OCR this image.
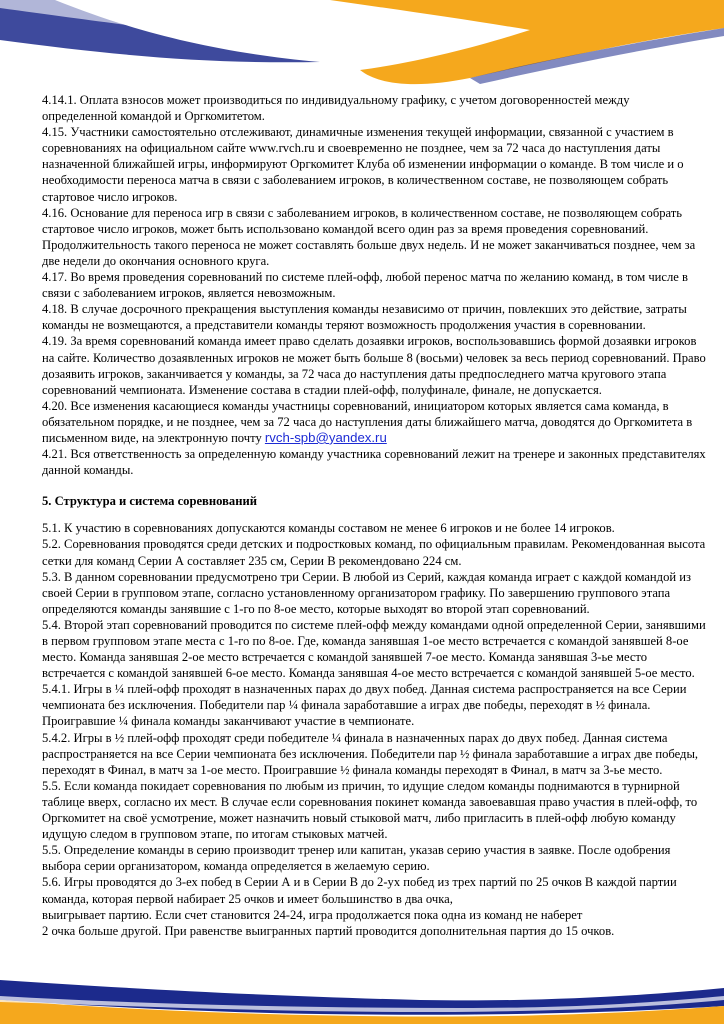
4.14.1. Оплата взносов может производиться по индивидуальному графику, с учетом договоренностей между определенной командой и Оргкомитетом.

4.15. Участники самостоятельно отслеживают, динамичные изменения текущей информации, связанной с участием в соревнованиях на официальном сайте www.rvch.ru и своевременно не позднее, чем за 72 часа до наступления даты назначенной ближайшей игры, информируют Оргкомитет Клуба об изменении информации о команде. В том числе и о необходимости переноса матча в связи с заболеванием игроков, в количественном составе, не позволяющем собрать стартовое число игроков.

4.16. Основание для переноса игр в связи с заболеванием игроков, в количественном составе, не позволяющем собрать стартовое число игроков, может быть использовано командой всего один раз за время проведения соревнований. Продолжительность такого переноса не может составлять больше двух недель. И не может заканчиваться позднее, чем за две недели до окончания основного круга.

4.17. Во время проведения соревнований по системе плей-офф, любой перенос матча по желанию команд, в том числе в связи с заболеванием игроков, является невозможным.

4.18. В случае досрочного прекращения выступления команды независимо от причин, повлекших это действие, затраты команды не возмещаются, а представители команды теряют возможность продолжения участия в соревновании.

4.19. За время соревнований команда имеет право сделать дозаявки игроков, воспользовавшись формой дозаявки игроков на сайте. Количество дозаявленных игроков не может быть больше 8 (восьми) человек за весь период соревнований. Право дозаявить игроков, заканчивается у команды, за 72 часа до наступления даты предпоследнего матча кругового этапа соревнований чемпионата. Изменение состава в стадии плей-офф, полуфинале, финале, не допускается.

4.20. Все изменения касающиеся команды участницы соревнований, инициатором которых является сама команда, в обязательном порядке, и не позднее, чем за 72 часа до наступления даты ближайшего матча, доводятся до Оргкомитета в письменном виде, на электронную почту rvch-spb@yandex.ru

4.21. Вся ответственность за определенную команду участника соревнований лежит на тренере и законных представителях данной команды.

5. Структура и система соревнований

5.1. К участию в соревнованиях допускаются команды составом не менее 6 игроков и не более 14 игроков.

5.2. Соревнования проводятся среди детских и подростковых команд, по официальным правилам. Рекомендованная высота сетки для команд Серии А составляет 235 см, Серии В рекомендовано 224 см.

5.3. В данном соревновании предусмотрено три Серии. В любой из Серий, каждая команда играет с каждой командой из своей Серии в групповом этапе, согласно установленному организатором графику. По завершению группового этапа определяются команды занявшие с 1-го по 8-ое место, которые выходят во второй этап соревнований.

5.4. Второй этап соревнований проводится по системе плей-офф между командами одной определенной Серии, занявшими в первом групповом этапе места с 1-го по 8-ое. Где, команда занявшая 1-ое место встречается с командой занявшей 8-ое место. Команда занявшая 2-ое место встречается с командой занявшей 7-ое место. Команда занявшая 3-ье место встречается с командой занявшей 6-ое место. Команда занявшая 4-ое место встречается с командой занявшей 5-ое место.

5.4.1. Игры в ¼ плей-офф проходят в назначенных парах до двух побед. Данная система распространяется на все Серии чемпионата без исключения. Победители пар ¼ финала заработавшие а играх две победы, переходят в ½ финала. Проигравшие ¼ финала команды заканчивают участие в чемпионате.

5.4.2. Игры в ½ плей-офф проходят среди победителе ¼ финала в назначенных парах до двух побед. Данная система распространяется на все Серии чемпионата без исключения. Победители пар ½ финала заработавшие а играх две победы, переходят в Финал, в матч за 1-ое место. Проигравшие ½ финала команды переходят в Финал, в матч за 3-ье место.

5.5. Если команда покидает соревнования по любым из причин, то идущие следом команды поднимаются в турнирной таблице вверх, согласно их мест. В случае если соревнования покинет команда завоевавшая право участия в плей-офф, то Оргкомитет на своё усмотрение, может назначить новый стыковой матч, либо пригласить в плей-офф любую команду идущую следом в групповом этапе, по итогам стыковых матчей.

5.5. Определение команды в серию производит тренер или капитан, указав серию участия в заявке. После одобрения выбора серии организатором, команда определяется в желаемую серию.

5.6. Игры проводятся до 3-ех побед в Серии А и в Серии В до 2-ух побед из трех партий по 25 очков В каждой партии команда, которая первой набирает 25 очков и имеет большинство в два очка,

выигрывает партию. Если счет становится 24-24, игра продолжается пока одна из команд не наберет

2 очка больше другой. При равенстве выигранных партий проводится дополнительная партия до 15 очков.
